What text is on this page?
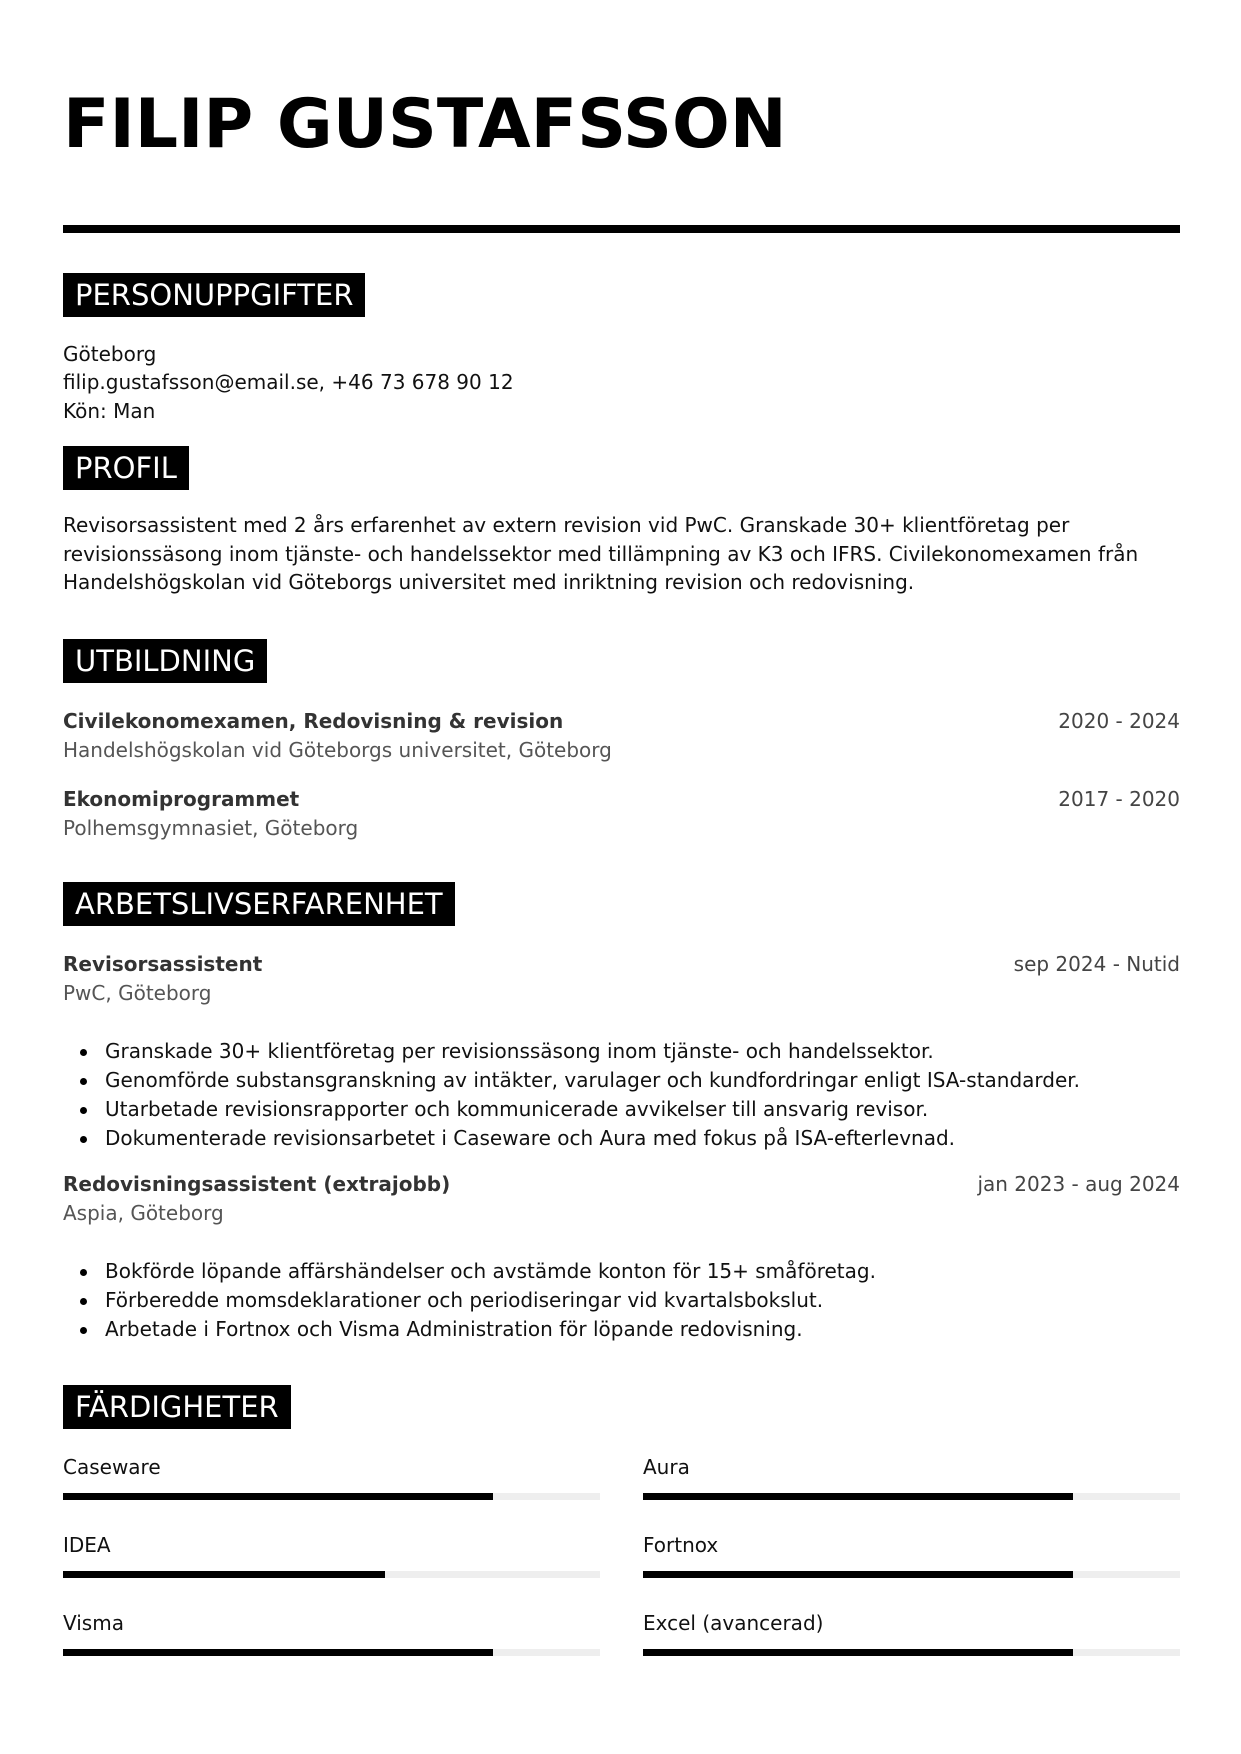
FILIP GUSTAFSSON
PERSONUPPGIFTER
Göteborg
filip.gustafsson@email.se, +46 73 678 90 12
Kön: Man
PROFIL
Revisorsassistent med 2 års erfarenhet av extern revision vid PwC. Granskade 30+ klientföretag per
revisionssäsong inom tjänste- och handelssektor med tillämpning av K3 och IFRS. Civilekonomexamen från
Handelshögskolan vid Göteborgs universitet med inriktning revision och redovisning.
UTBILDNING
Civilekonomexamen, Redovisning & revision
Handelshögskolan vid Göteborgs universitet, Göteborg
2020 - 2024
Ekonomiprogrammet
Polhemsgymnasiet, Göteborg
2017 - 2020
ARBETSLIVSERFARENHET
Revisorsassistent
PwC, Göteborg
sep 2024 - Nutid
Granskade 30+ klientföretag per revisionssäsong inom tjänste- och handelssektor.
Genomförde substansgranskning av intäkter, varulager och kundfordringar enligt ISA-standarder.
Utarbetade revisionsrapporter och kommunicerade avvikelser till ansvarig revisor.
Dokumenterade revisionsarbetet i Caseware och Aura med fokus på ISA-efterlevnad.
Redovisningsassistent (extrajobb)
Aspia, Göteborg
jan 2023 - aug 2024
Bokförde löpande affärshändelser och avstämde konton för 15+ småföretag.
Förberedde momsdeklarationer och periodiseringar vid kvartalsbokslut.
Arbetade i Fortnox och Visma Administration för löpande redovisning.
FÄRDIGHETER
Caseware	Aura
IDEA	Fortnox
Visma	Excel (avancerad)
